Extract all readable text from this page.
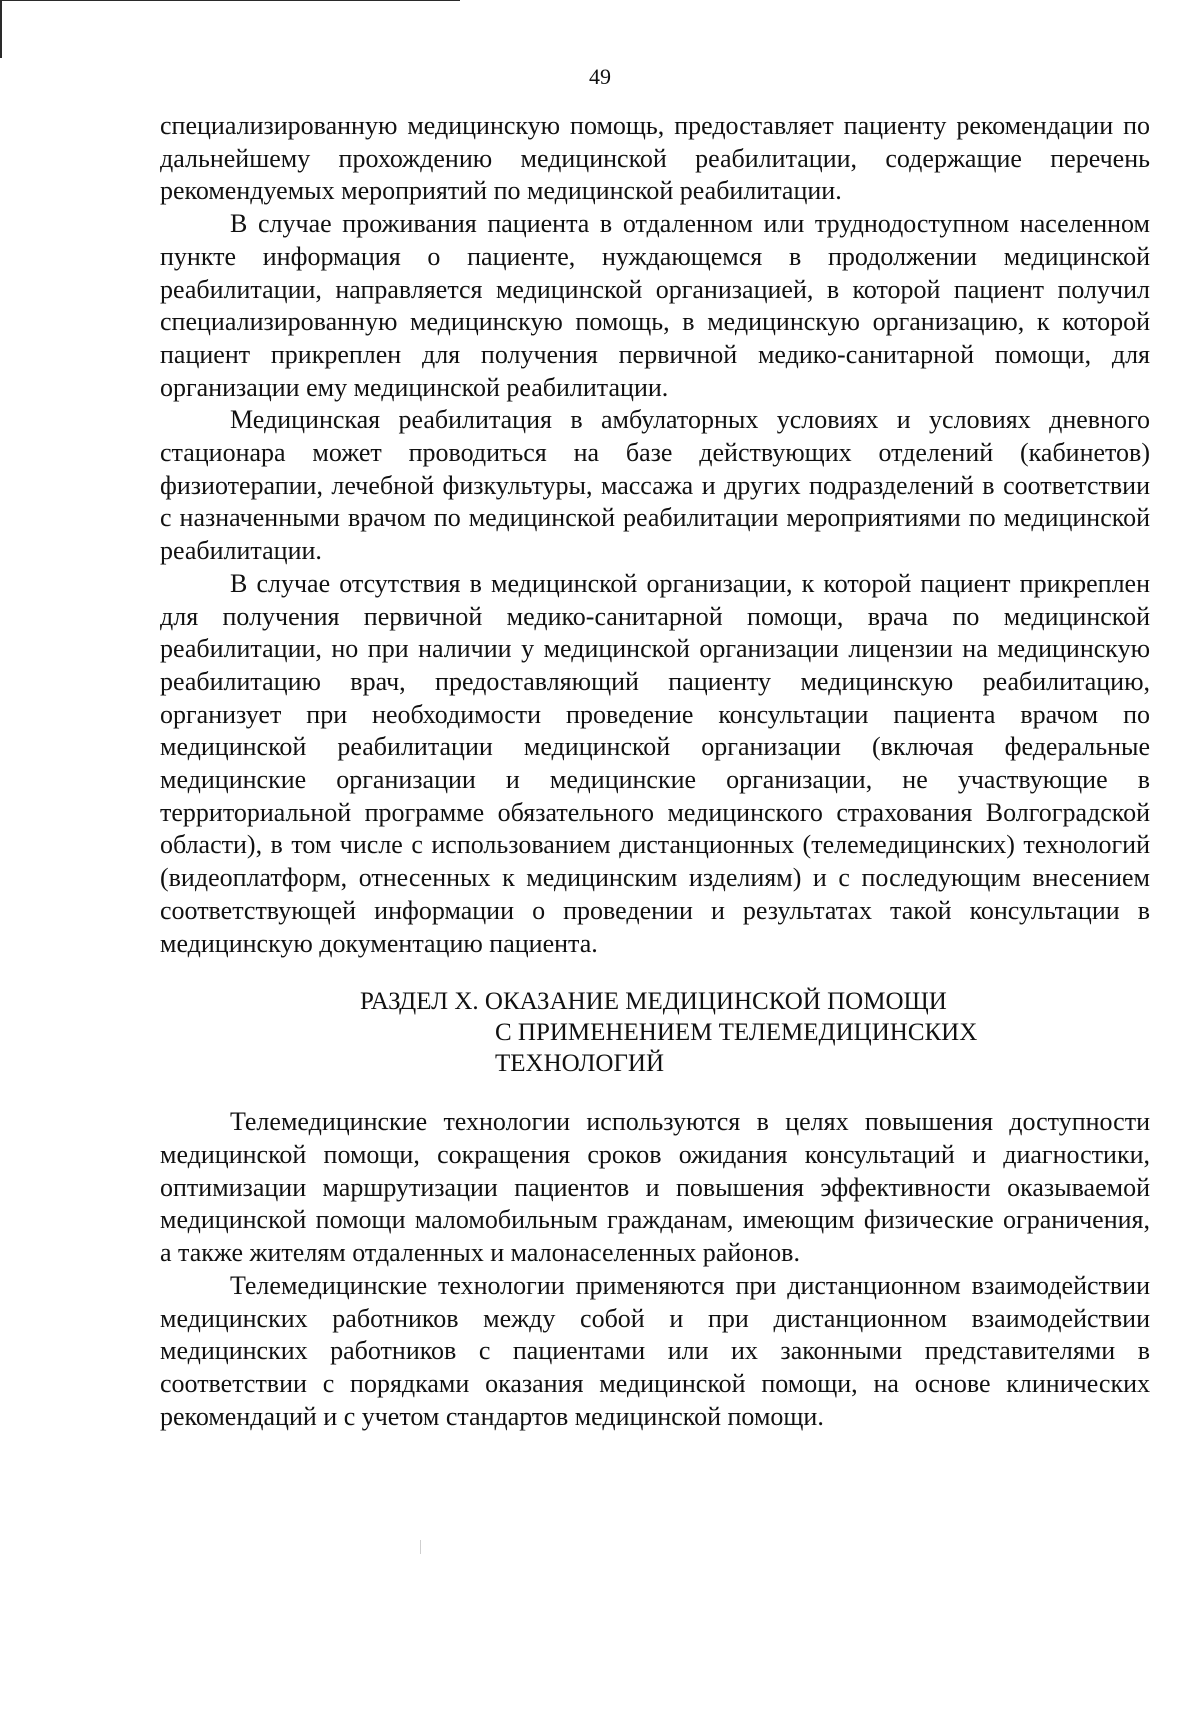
49

специализированную медицинскую помощь, предоставляет пациенту рекомендации по дальнейшему прохождению медицинской реабилитации, содержащие перечень рекомендуемых мероприятий по медицинской реабилитации.

В случае проживания пациента в отдаленном или труднодоступном населенном пункте информация о пациенте, нуждающемся в продолжении медицинской реабилитации, направляется медицинской организацией, в которой пациент получил специализированную медицинскую помощь, в медицинскую организацию, к которой пациент прикреплен для получения первичной медико-санитарной помощи, для организации ему медицинской реабилитации.

Медицинская реабилитация в амбулаторных условиях и условиях дневного стационара может проводиться на базе действующих отделений (кабинетов) физиотерапии, лечебной физкультуры, массажа и других подразделений в соответствии с назначенными врачом по медицинской реабилитации мероприятиями по медицинской реабилитации.

В случае отсутствия в медицинской организации, к которой пациент прикреплен для получения первичной медико-санитарной помощи, врача по медицинской реабилитации, но при наличии у медицинской организации лицензии на медицинскую реабилитацию врач, предоставляющий пациенту медицинскую реабилитацию, организует при необходимости проведение консультации пациента врачом по медицинской реабилитации медицинской организации (включая федеральные медицинские организации и медицинские организации, не участвующие в территориальной программе обязательного медицинского страхования Волгоградской области), в том числе с использованием дистанционных (телемедицинских) технологий (видеоплатформ, отнесенных к медицинским изделиям) и с последующим внесением соответствующей информации о проведении и результатах такой консультации в медицинскую документацию пациента.

РАЗДЕЛ X. ОКАЗАНИЕ МЕДИЦИНСКОЙ ПОМОЩИ
С ПРИМЕНЕНИЕМ ТЕЛЕМЕДИЦИНСКИХ ТЕХНОЛОГИЙ

Телемедицинские технологии используются в целях повышения доступности медицинской помощи, сокращения сроков ожидания консультаций и диагностики, оптимизации маршрутизации пациентов и повышения эффективности оказываемой медицинской помощи маломобильным гражданам, имеющим физические ограничения, а также жителям отдаленных и малонаселенных районов.

Телемедицинские технологии применяются при дистанционном взаимодействии медицинских работников между собой и при дистанционном взаимодействии медицинских работников с пациентами или их законными представителями в соответствии с порядками оказания медицинской помощи, на основе клинических рекомендаций и с учетом стандартов медицинской помощи.
